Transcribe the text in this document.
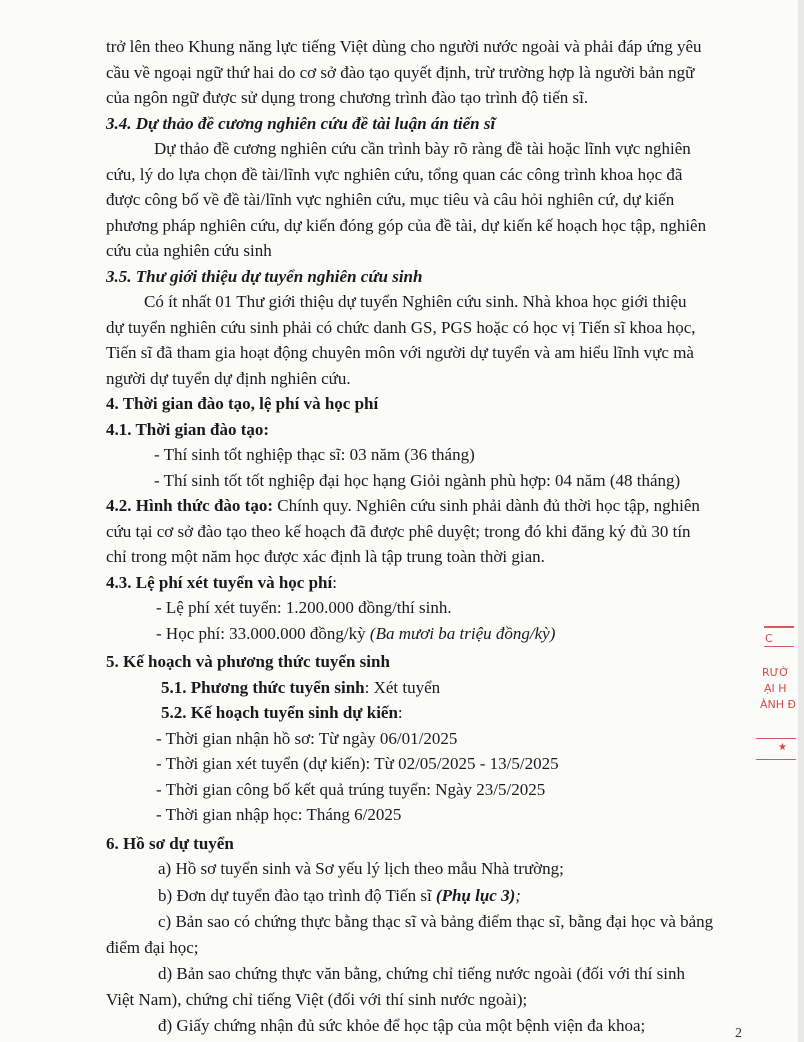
trở lên theo Khung năng lực tiếng Việt dùng cho người nước ngoài và phải đáp ứng yêu
cầu về ngoại ngữ thứ hai do cơ sở đào tạo quyết định, trừ trường hợp là người bản ngữ
của ngôn ngữ được sử dụng trong chương trình đào tạo trình độ tiến sĩ.
3.4. Dự thảo đề cương nghiên cứu đề tài luận án tiến sĩ
Dự thảo đề cương nghiên cứu cần trình bày rõ ràng đề tài hoặc lĩnh vực nghiên
cứu, lý do lựa chọn đề tài/lĩnh vực nghiên cứu, tổng quan các công trình khoa học đã
được công bố về đề tài/lĩnh vực nghiên cứu, mục tiêu và câu hỏi nghiên cứ, dự kiến
phương pháp nghiên cứu, dự kiến đóng góp của đề tài, dự kiến kế hoạch học tập, nghiên
cứu của nghiên cứu sinh
3.5. Thư giới thiệu dự tuyển nghiên cứu sinh
Có ít nhất 01 Thư giới thiệu dự tuyển Nghiên cứu sinh. Nhà khoa học giới thiệu
dự tuyển nghiên cứu sinh phải có chức danh GS, PGS hoặc có học vị Tiến sĩ khoa học,
Tiến sĩ đã tham gia hoạt động chuyên môn với người dự tuyển và am hiểu lĩnh vực mà
người dự tuyển dự định nghiên cứu.
4. Thời gian đào tạo, lệ phí và học phí
4.1. Thời gian đào tạo:
- Thí sinh tốt nghiệp thạc sĩ: 03 năm (36 tháng)
- Thí sinh tốt tốt nghiệp đại học hạng Giỏi ngành phù hợp: 04 năm (48 tháng)
4.2. Hình thức đào tạo: Chính quy. Nghiên cứu sinh phải dành đủ thời học tập, nghiên
cứu tại cơ sở đào tạo theo kế hoạch đã được phê duyệt; trong đó khi đăng ký đủ 30 tín
chỉ trong một năm học được xác định là tập trung toàn thời gian.
4.3. Lệ phí xét tuyển và học phí:
- Lệ phí xét tuyển: 1.200.000 đồng/thí sinh.
- Học phí: 33.000.000 đồng/kỳ (Ba mươi ba triệu đồng/kỳ)
5. Kế hoạch và phương thức tuyển sinh
5.1. Phương thức tuyển sinh: Xét tuyển
5.2. Kế hoạch tuyển sinh dự kiến:
- Thời gian nhận hồ sơ: Từ ngày 06/01/2025
- Thời gian xét tuyển (dự kiến): Từ 02/05/2025 - 13/5/2025
- Thời gian công bố kết quả trúng tuyển: Ngày 23/5/2025
- Thời gian nhập học: Tháng 6/2025
6. Hồ sơ dự tuyển
a) Hồ sơ tuyển sinh và Sơ yếu lý lịch theo mẫu Nhà trường;
b) Đơn dự tuyển đào tạo trình độ Tiến sĩ (Phụ lục 3);
c) Bản sao có chứng thực bằng thạc sĩ và bảng điểm thạc sĩ, bằng đại học và bảng
điểm đại học;
d) Bản sao chứng thực văn bằng, chứng chỉ tiếng nước ngoài (đối với thí sinh
Việt Nam), chứng chỉ tiếng Việt (đối với thí sinh nước ngoài);
đ) Giấy chứng nhận đủ sức khỏe để học tập của một bệnh viện đa khoa;
C
RƯỜ
ẠI H
ÀNH Đ
★
2
